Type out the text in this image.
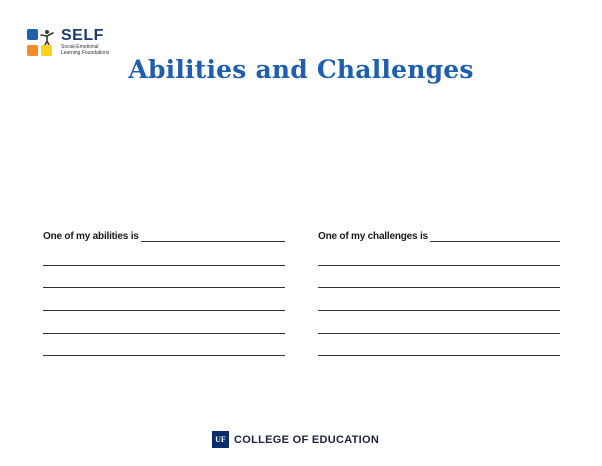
SELF
Social-Emotional
Learning Foundations
Abilities and Challenges
One of my abilities is	One of my challenges is
UF COLLEGE OF EDUCATION
